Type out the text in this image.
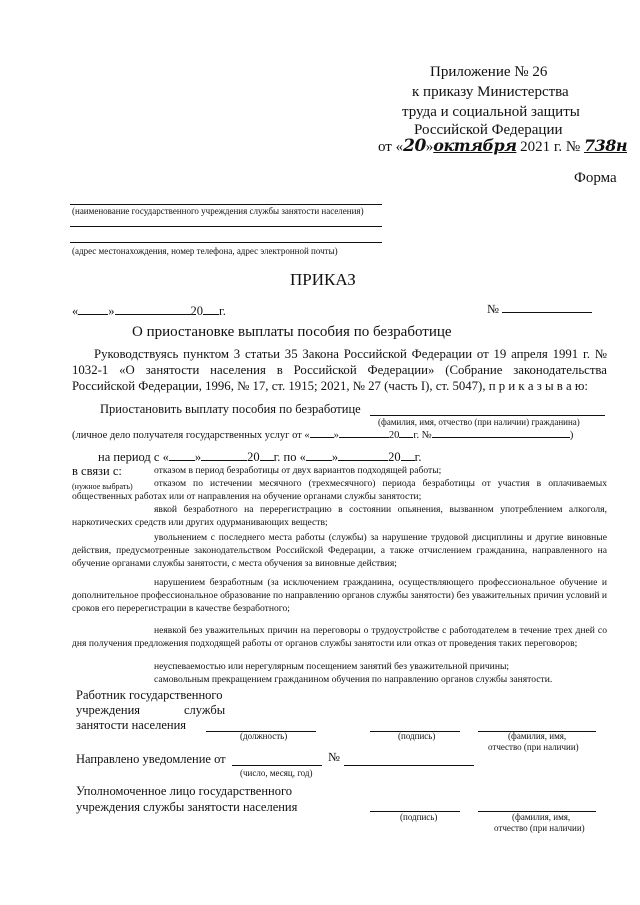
Приложение № 26
к приказу Министерства
труда и социальной защиты
Российской Федерации
от «20»октября 2021 г. № 738н
Форма
(наименование государственного учреждения службы занятости населения)
(адрес местонахождения, номер телефона, адрес электронной почты)
ПРИКАЗ
« »	20 г.	№
О приостановке выплаты пособия по безработице
Руководствуясь пунктом 3 статьи 35 Закона Российской Федерации от 19 апреля 1991 г. № 1032-1 «О занятости населения в Российской Федерации» (Собрание законодательства Российской Федерации, 1996, № 17, ст. 1915; 2021, № 27 (часть I), ст. 5047), п р и к а з ы в а ю:
Приостановить выплату пособия по безработице
(фамилия, имя, отчество (при наличии) гражданина)
(личное дело получателя государственных услуг от « »	20 г. №	)
на период с « »	20 г. по « »	20 г.
в связи с:
(нужное выбрать)
отказом в период безработицы от двух вариантов подходящей работы;
отказом по истечении месячного (трехмесячного) периода безработицы от участия в оплачиваемых общественных работах или от направления на обучение органами службы занятости;
явкой безработного на перерегистрацию в состоянии опьянения, вызванном употреблением алкоголя, наркотических средств или других одурманивающих веществ;
увольнением с последнего места работы (службы) за нарушение трудовой дисциплины и другие виновные действия, предусмотренные законодательством Российской Федерации, а также отчислением гражданина, направленного на обучение органами службы занятости, с места обучения за виновные действия;
нарушением безработным (за исключением гражданина, осуществляющего профессиональное обучение и дополнительное профессиональное образование по направлению органов службы занятости) без уважительных причин условий и сроков его перерегистрации в качестве безработного;
неявкой без уважительных причин на переговоры о трудоустройстве с работодателем в течение трех дней со дня получения предложения подходящей работы от органов службы занятости или отказ от проведения таких переговоров;
неуспеваемостью или нерегулярным посещением занятий без уважительной причины;
самовольным прекращением гражданином обучения по направлению органов службы занятости.
Работник государственного
учреждения	службы
занятости населения
(должность)	(подпись)	(фамилия, имя,
отчество (при наличии)
Направлено уведомление от	№
(число, месяц, год)
Уполномоченное лицо государственного
учреждения службы занятости населения
(подпись)	(фамилия, имя,
отчество (при наличии)
